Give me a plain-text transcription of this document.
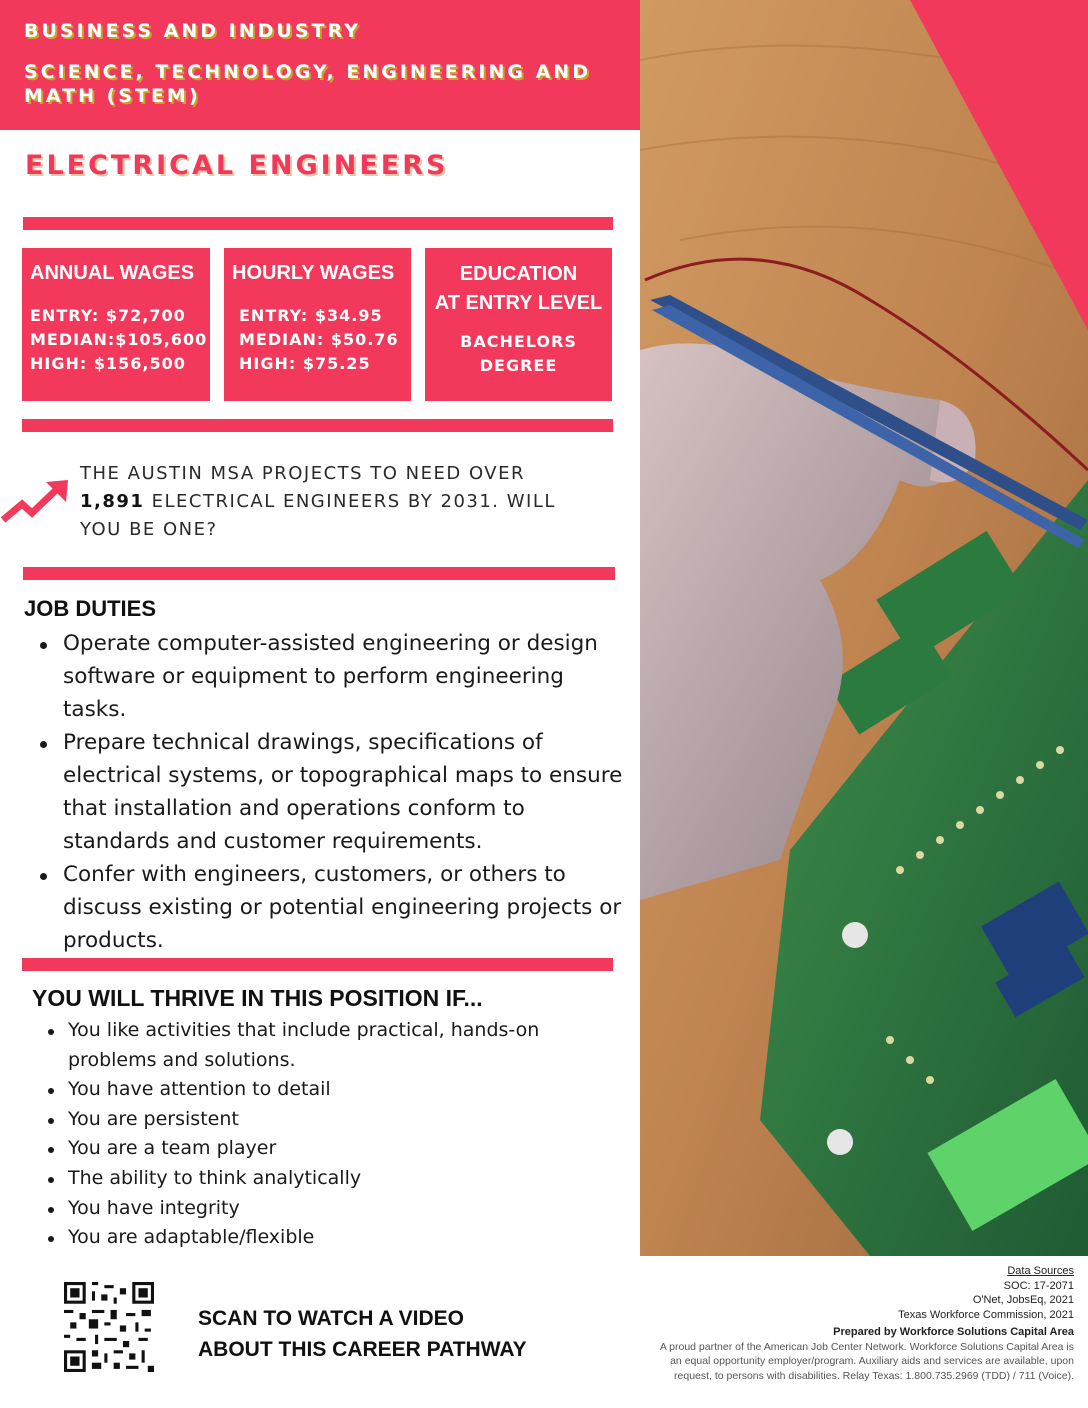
BUSINESS AND INDUSTRY
SCIENCE, TECHNOLOGY, ENGINEERING AND MATH (STEM)
ELECTRICAL ENGINEERS
ANNUAL WAGES
ENTRY: $72,700
MEDIAN:$105,600
HIGH: $156,500
HOURLY WAGES
ENTRY: $34.95
MEDIAN: $50.76
HIGH: $75.25
EDUCATION
AT ENTRY LEVEL
BACHELORS
DEGREE
THE AUSTIN MSA PROJECTS TO NEED OVER
1,891 ELECTRICAL ENGINEERS BY 2031. WILL
YOU BE ONE?
JOB DUTIES
Operate computer-assisted engineering or design software or equipment to perform engineering tasks.
Prepare technical drawings, specifications of electrical systems, or topographical maps to ensure that installation and operations conform to standards and customer requirements.
Confer with engineers, customers, or others to discuss existing or potential engineering projects or products.
YOU WILL THRIVE IN THIS POSITION IF...
You like activities that include practical, hands-on problems and solutions.
You have attention to detail
You are persistent
You are a team player
The ability to think analytically
You have integrity
You are adaptable/flexible
SCAN TO WATCH A VIDEO
ABOUT THIS CAREER PATHWAY
Data Sources
SOC: 17-2071
O'Net, JobsEq, 2021
Texas Workforce Commission, 2021
Prepared by Workforce Solutions Capital Area
A proud partner of the American Job Center Network. Workforce Solutions Capital Area is
an equal opportunity employer/program. Auxiliary aids and services are available, upon
request, to persons with disabilities. Relay Texas: 1.800.735.2969 (TDD) / 711 (Voice).
